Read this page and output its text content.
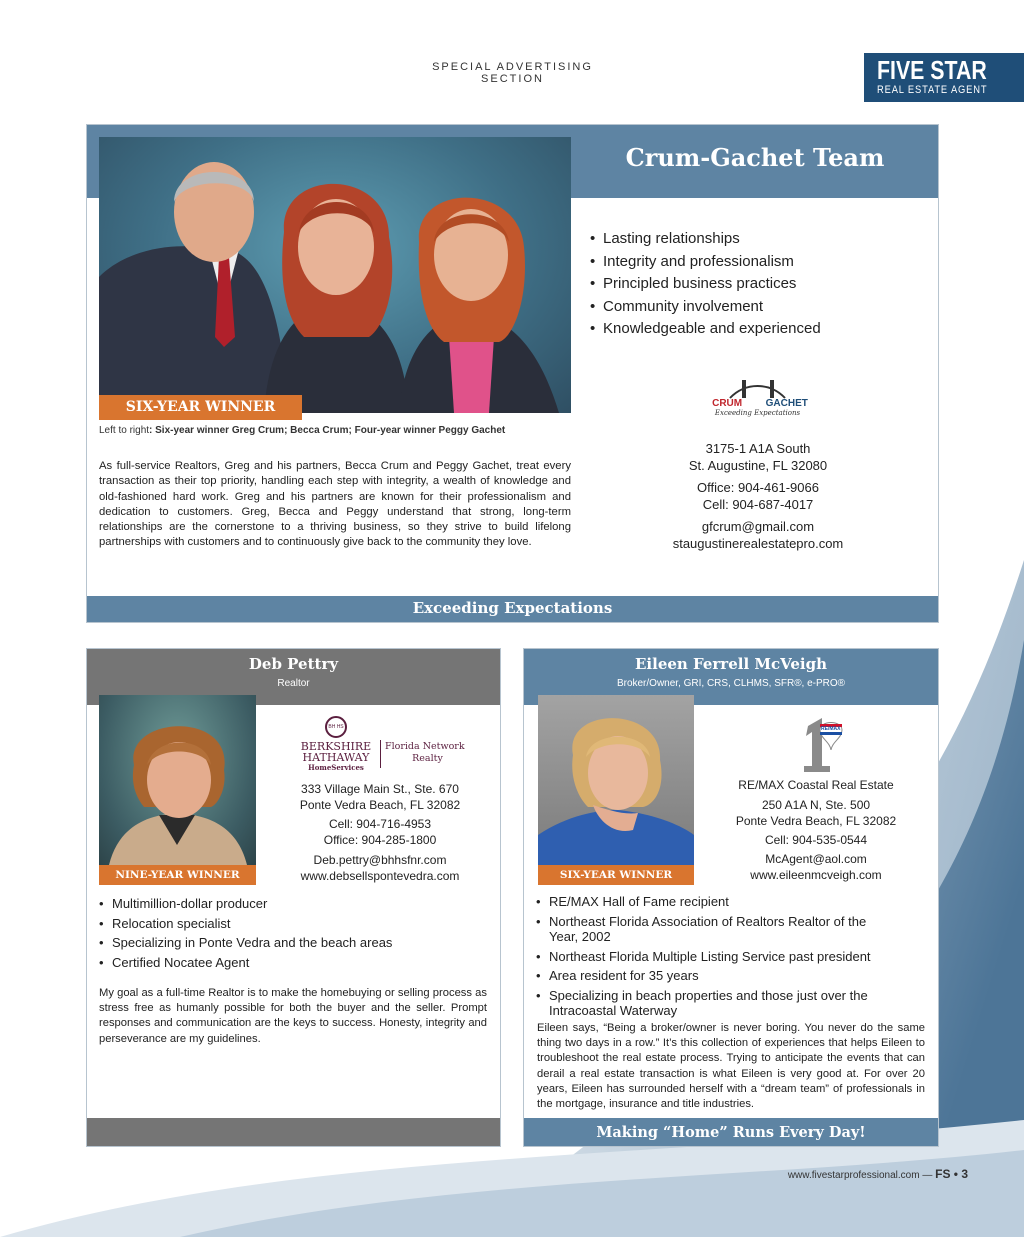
SPECIAL ADVERTISING SECTION	FIVE STAR
REAL ESTATE AGENT
Crum-Gachet Team
SIX-YEAR WINNER
Left to right: Six-year winner Greg Crum; Becca Crum; Four-year winner Peggy Gachet
As full-service Realtors, Greg and his partners, Becca Crum and Peggy Gachet, treat every transaction as their top priority, handling each step with integrity, a wealth of knowledge and old-fashioned hard work. Greg and his partners are known for their professionalism and dedication to customers. Greg, Becca and Peggy understand that strong, long-term relationships are the cornerstone to a thriving business, so they strive to build lifelong partnerships with customers and to continuously give back to the community they love.
• Lasting relationships
• Integrity and professionalism
• Principled business practices
• Community involvement
• Knowledgeable and experienced
CRUM GACHET
Exceeding Expectations
3175-1 A1A South
St. Augustine, FL 32080
Office: 904-461-9066
Cell: 904-687-4017
gfcrum@gmail.com
staugustinerealestatepro.com
Exceeding Expectations
Deb Pettry
Realtor
NINE-YEAR WINNER
BH HS
BERKSHIRE
HATHAWAY
HomeServices
Florida Network
Realty
333 Village Main St., Ste. 670
Ponte Vedra Beach, FL 32082
Cell: 904-716-4953
Office: 904-285-1800
Deb.pettry@bhhsfnr.com
www.debsellspontevedra.com
• Multimillion-dollar producer
• Relocation specialist
• Specializing in Ponte Vedra and the beach areas
• Certified Nocatee Agent
My goal as a full-time Realtor is to make the homebuying or selling process as stress free as humanly possible for both the buyer and the seller. Prompt responses and communication are the keys to success. Honesty, integrity and perseverance are my guidelines.
Eileen Ferrell McVeigh
Broker/Owner, GRI, CRS, CLHMS, SFR®, e-PRO®
SIX-YEAR WINNER
RE/MAX
RE/MAX Coastal Real Estate
250 A1A N, Ste. 500
Ponte Vedra Beach, FL 32082
Cell: 904-535-0544
McAgent@aol.com
www.eileenmcveigh.com
• RE/MAX Hall of Fame recipient
• Northeast Florida Association of Realtors Realtor of the Year, 2002
• Northeast Florida Multiple Listing Service past president
• Area resident for 35 years
• Specializing in beach properties and those just over the Intracoastal Waterway
Eileen says, “Being a broker/owner is never boring. You never do the same thing two days in a row.” It’s this collection of experiences that helps Eileen to troubleshoot the real estate process. Trying to anticipate the events that can derail a real estate transaction is what Eileen is very good at. For over 20 years, Eileen has surrounded herself with a “dream team” of professionals in the mortgage, insurance and title industries.
Making “Home” Runs Every Day!
www.fivestarprofessional.com — FS • 3
